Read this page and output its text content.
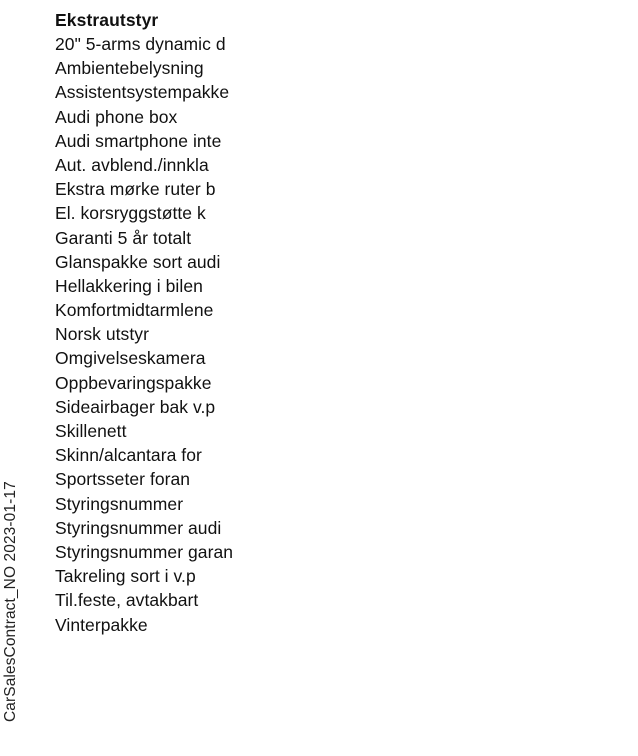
CarSalesContract_NO 2023-01-17
Ekstrautstyr
20" 5-arms dynamic d
Ambientebelysning
Assistentsystempakke
Audi phone box
Audi smartphone inte
Aut. avblend./innkla
Ekstra mørke ruter b
El. korsryggstøtte k
Garanti 5 år totalt
Glanspakke sort audi
Hellakkering i bilen
Komfortmidtarmlene
Norsk utstyr
Omgivelseskamera
Oppbevaringspakke
Sideairbager bak v.p
Skillenett
Skinn/alcantara for
Sportsseter foran
Styringsnummer
Styringsnummer audi
Styringsnummer garan
Takreling sort i v.p
Til.feste, avtakbart
Vinterpakke
